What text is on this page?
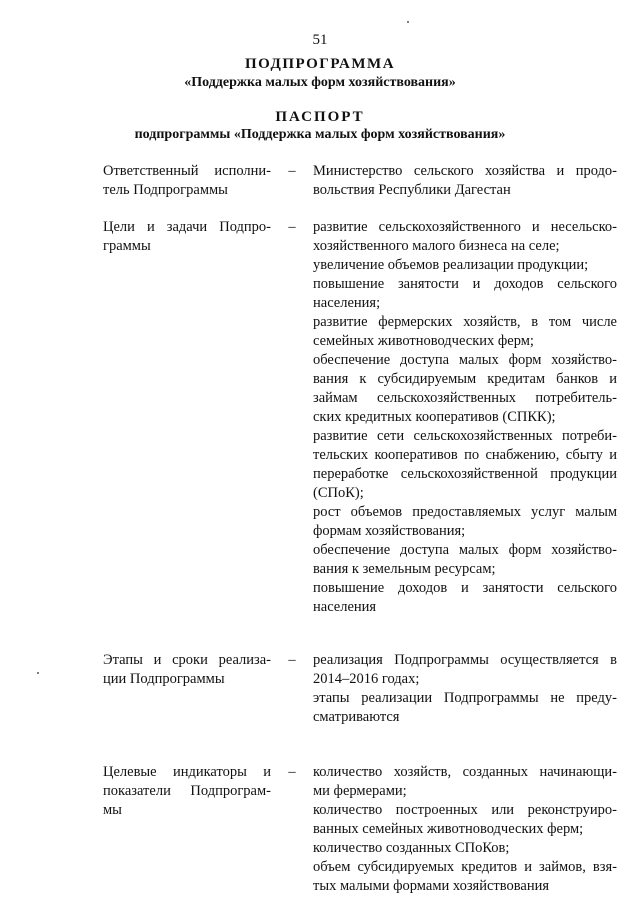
51
ПОДПРОГРАММА
«Поддержка малых форм хозяйствования»
ПАСПОРТ
подпрограммы «Поддержка малых форм хозяйствования»
Ответственный исполни-
тель Подпрограммы
–	Министерство сельского хозяйства и продо-
вольствия Республики Дагестан
Цели и задачи Подпро-
граммы
–	развитие сельскохозяйственного и несельско-
хозяйственного малого бизнеса на селе;
увеличение объемов реализации продукции;
повышение занятости и доходов сельского
населения;
развитие фермерских хозяйств, в том числе
семейных животноводческих ферм;
обеспечение доступа малых форм хозяйство-
вания к субсидируемым кредитам банков и
займам сельскохозяйственных потребитель-
ских кредитных кооперативов (СПКК);
развитие сети сельскохозяйственных потреби-
тельских кооперативов по снабжению, сбыту и
переработке сельскохозяйственной продукции
(СПоК);
рост объемов предоставляемых услуг малым
формам хозяйствования;
обеспечение доступа малых форм хозяйство-
вания к земельным ресурсам;
повышение доходов и занятости сельского
населения
Этапы и сроки реализа-
ции Подпрограммы
–	реализация Подпрограммы осуществляется в
2014–2016 годах;
этапы реализации Подпрограммы не преду-
сматриваются
Целевые индикаторы и
показатели Подпрограм-
мы
–	количество хозяйств, созданных начинающи-
ми фермерами;
количество построенных или реконструиро-
ванных семейных животноводческих ферм;
количество созданных СПоКов;
объем субсидируемых кредитов и займов, взя-
тых малыми формами хозяйствования
